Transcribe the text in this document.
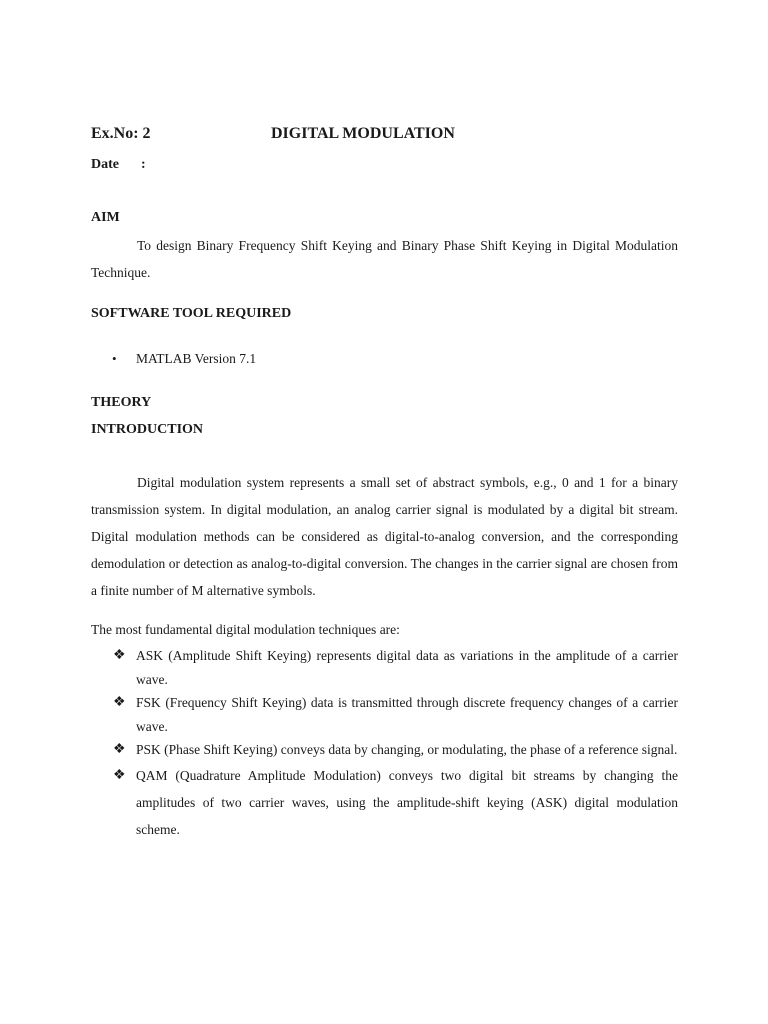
Ex.No: 2	DIGITAL MODULATION
Date :
AIM
To design Binary Frequency Shift Keying and Binary Phase Shift Keying in Digital Modulation Technique.
SOFTWARE TOOL REQUIRED
• MATLAB Version 7.1
THEORY
INTRODUCTION
Digital modulation system represents a small set of abstract symbols, e.g., 0 and 1 for a binary transmission system. In digital modulation, an analog carrier signal is modulated by a digital bit stream. Digital modulation methods can be considered as digital-to-analog conversion, and the corresponding demodulation or detection as analog-to-digital conversion. The changes in the carrier signal are chosen from a finite number of M alternative symbols.
The most fundamental digital modulation techniques are:
❖ ASK (Amplitude Shift Keying) represents digital data as variations in the amplitude of a carrier wave.
❖ FSK (Frequency Shift Keying) data is transmitted through discrete frequency changes of a carrier wave.
❖ PSK (Phase Shift Keying) conveys data by changing, or modulating, the phase of a reference signal.
❖ QAM (Quadrature Amplitude Modulation) conveys two digital bit streams by changing the amplitudes of two carrier waves, using the amplitude-shift keying (ASK) digital modulation scheme.
